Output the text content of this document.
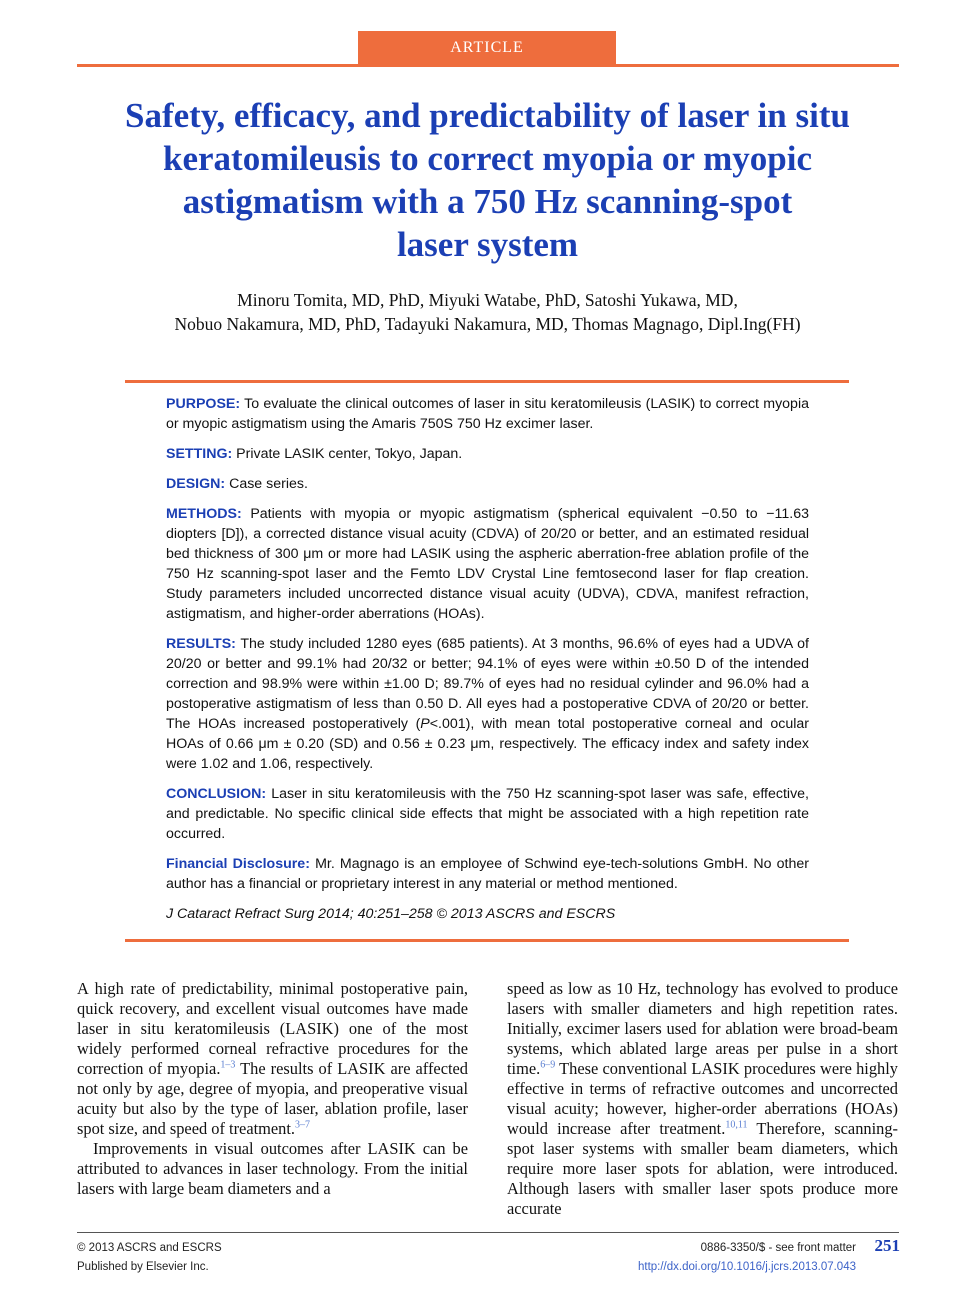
ARTICLE
Safety, efficacy, and predictability of laser in situ
keratomileusis to correct myopia or myopic
astigmatism with a 750 Hz scanning-spot
laser system
Minoru Tomita, MD, PhD, Miyuki Watabe, PhD, Satoshi Yukawa, MD,
Nobuo Nakamura, MD, PhD, Tadayuki Nakamura, MD, Thomas Magnago, Dipl.Ing(FH)

PURPOSE: To evaluate the clinical outcomes of laser in situ keratomileusis (LASIK) to correct myopia or myopic astigmatism using the Amaris 750S 750 Hz excimer laser.

SETTING: Private LASIK center, Tokyo, Japan.

DESIGN: Case series.

METHODS: Patients with myopia or myopic astigmatism (spherical equivalent −0.50 to −11.63 diopters [D]), a corrected distance visual acuity (CDVA) of 20/20 or better, and an estimated residual bed thickness of 300 μm or more had LASIK using the aspheric aberration-free ablation profile of the 750 Hz scanning-spot laser and the Femto LDV Crystal Line femtosecond laser for flap creation. Study parameters included uncorrected distance visual acuity (UDVA), CDVA, manifest refraction, astigmatism, and higher-order aberrations (HOAs).

RESULTS: The study included 1280 eyes (685 patients). At 3 months, 96.6% of eyes had a UDVA of 20/20 or better and 99.1% had 20/32 or better; 94.1% of eyes were within ±0.50 D of the intended correction and 98.9% were within ±1.00 D; 89.7% of eyes had no residual cylinder and 96.0% had a postoperative astigmatism of less than 0.50 D. All eyes had a postoperative CDVA of 20/20 or better. The HOAs increased postoperatively (P<.001), with mean total postoperative corneal and ocular HOAs of 0.66 μm ± 0.20 (SD) and 0.56 ± 0.23 μm, respectively. The efficacy index and safety index were 1.02 and 1.06, respectively.

CONCLUSION: Laser in situ keratomileusis with the 750 Hz scanning-spot laser was safe, effective, and predictable. No specific clinical side effects that might be associated with a high repetition rate occurred.

Financial Disclosure: Mr. Magnago is an employee of Schwind eye-tech-solutions GmbH. No other author has a financial or proprietary interest in any material or method mentioned.

J Cataract Refract Surg 2014; 40:251–258 © 2013 ASCRS and ESCRS

A high rate of predictability, minimal postoperative pain, quick recovery, and excellent visual outcomes have made laser in situ keratomileusis (LASIK) one of the most widely performed corneal refractive procedures for the correction of myopia.$^{1-3}$ The results of LASIK are affected not only by age, degree of myopia, and preoperative visual acuity but also by the type of laser, ablation profile, laser spot size, and speed of treatment.$^{3-7}$

Improvements in visual outcomes after LASIK can be attributed to advances in laser technology. From the initial lasers with large beam diameters and a

speed as low as 10 Hz, technology has evolved to produce lasers with smaller diameters and high repetition rates. Initially, excimer lasers used for ablation were broad-beam systems, which ablated large areas per pulse in a short time.$^{6-9}$ These conventional LASIK procedures were highly effective in terms of refractive outcomes and uncorrected visual acuity; however, higher-order aberrations (HOAs) would increase after treatment.$^{10,11}$ Therefore, scanning-spot laser systems with smaller beam diameters, which require more laser spots for ablation, were introduced. Although lasers with smaller laser spots produce more accurate

© 2013 ASCRS and ESCRS
Published by Elsevier Inc.
0886-3350/$ - see front matter	251
http://dx.doi.org/10.1016/j.jcrs.2013.07.043
